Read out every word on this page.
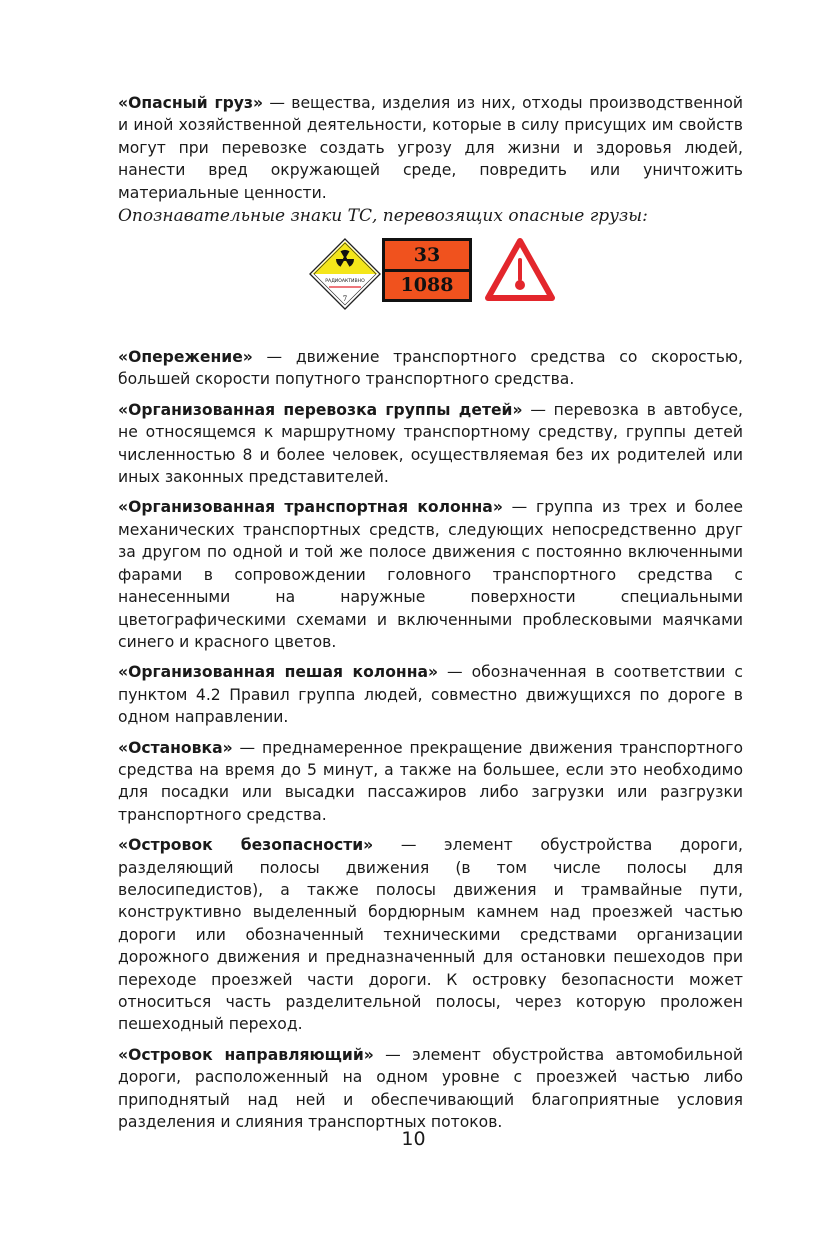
«Опасный груз» — вещества, изделия из них, отходы производственной и иной хозяйственной деятельности, которые в силу присущих им свойств могут при перевозке создать угрозу для жизни и здоровья людей, нанести вред окружающей среде, повредить или уничтожить материальные ценности.

Опознавательные знаки ТС, перевозящих опасные грузы:

РАДИОАКТИВНО
7
33
1088

«Опережение» — движение транспортного средства со скоростью, большей скорости попутного транспортного средства.

«Организованная перевозка группы детей» — перевозка в автобусе, не относящемся к маршрутному транспортному средству, группы детей численностью 8 и более человек, осуществляемая без их родителей или иных законных представителей.

«Организованная транспортная колонна» — группа из трех и более механических транспортных средств, следующих непосредственно друг за другом по одной и той же полосе движения с постоянно включенными фарами в сопровождении головного транспортного средства с нанесенными на наружные поверхности специальными цветографическими схемами и включенными проблесковыми маячками синего и красного цветов.

«Организованная пешая колонна» — обозначенная в соответствии с пунктом 4.2 Правил группа людей, совместно движущихся по дороге в одном направлении.

«Остановка» — преднамеренное прекращение движения транспортного средства на время до 5 минут, а также на большее, если это необходимо для посадки или высадки пассажиров либо загрузки или разгрузки транспортного средства.

«Островок безопасности» — элемент обустройства дороги, разделяющий полосы движения (в том числе полосы для велосипедистов), а также полосы движения и трамвайные пути, конструктивно выделенный бордюрным камнем над проезжей частью дороги или обозначенный техническими средствами организации дорожного движения и предназначенный для остановки пешеходов при переходе проезжей части дороги. К островку безопасности может относиться часть разделительной полосы, через которую проложен пешеходный переход.

«Островок направляющий» — элемент обустройства автомобильной дороги, расположенный на одном уровне с проезжей частью либо приподнятый над ней и обеспечивающий благоприятные условия разделения и слияния транспортных потоков.

10
